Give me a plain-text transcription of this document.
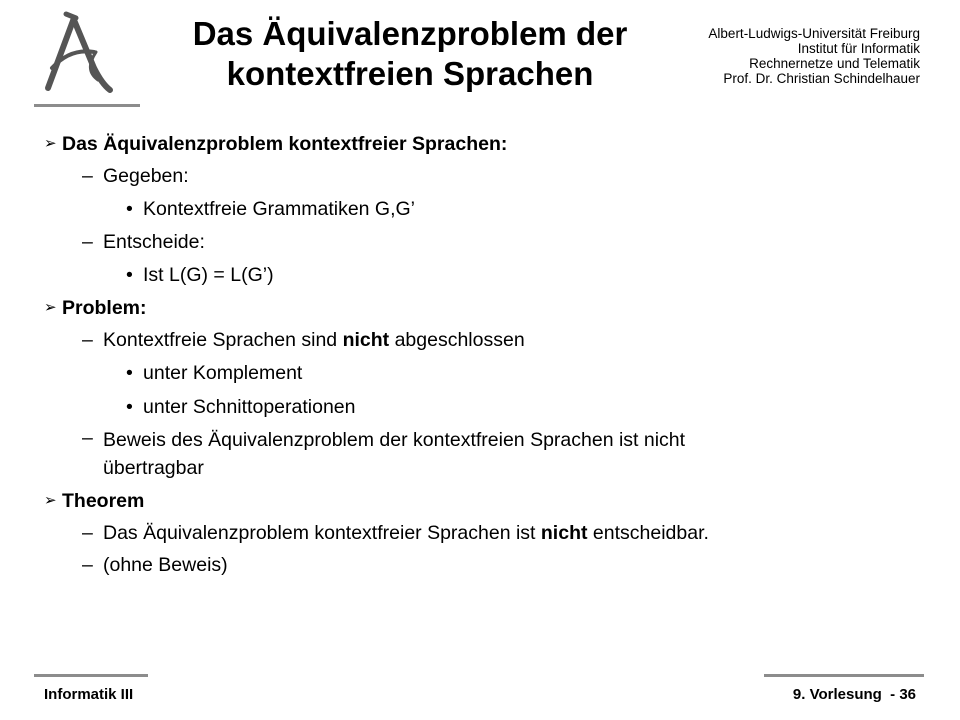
Das Äquivalenzproblem der
kontextfreien Sprachen
Albert-Ludwigs-Universität Freiburg
Institut für Informatik
Rechnernetze und Telematik
Prof. Dr. Christian Schindelhauer
➢ Das Äquivalenzproblem kontextfreier Sprachen:
– Gegeben:
• Kontextfreie Grammatiken G,G’
– Entscheide:
• Ist L(G) = L(G’)
➢ Problem:
– Kontextfreie Sprachen sind nicht abgeschlossen
• unter Komplement
• unter Schnittoperationen
– Beweis des Äquivalenzproblem der kontextfreien Sprachen ist nicht
übertragbar
➢ Theorem
– Das Äquivalenzproblem kontextfreier Sprachen ist nicht entscheidbar.
– (ohne Beweis)
Informatik III	9. Vorlesung  - 36
